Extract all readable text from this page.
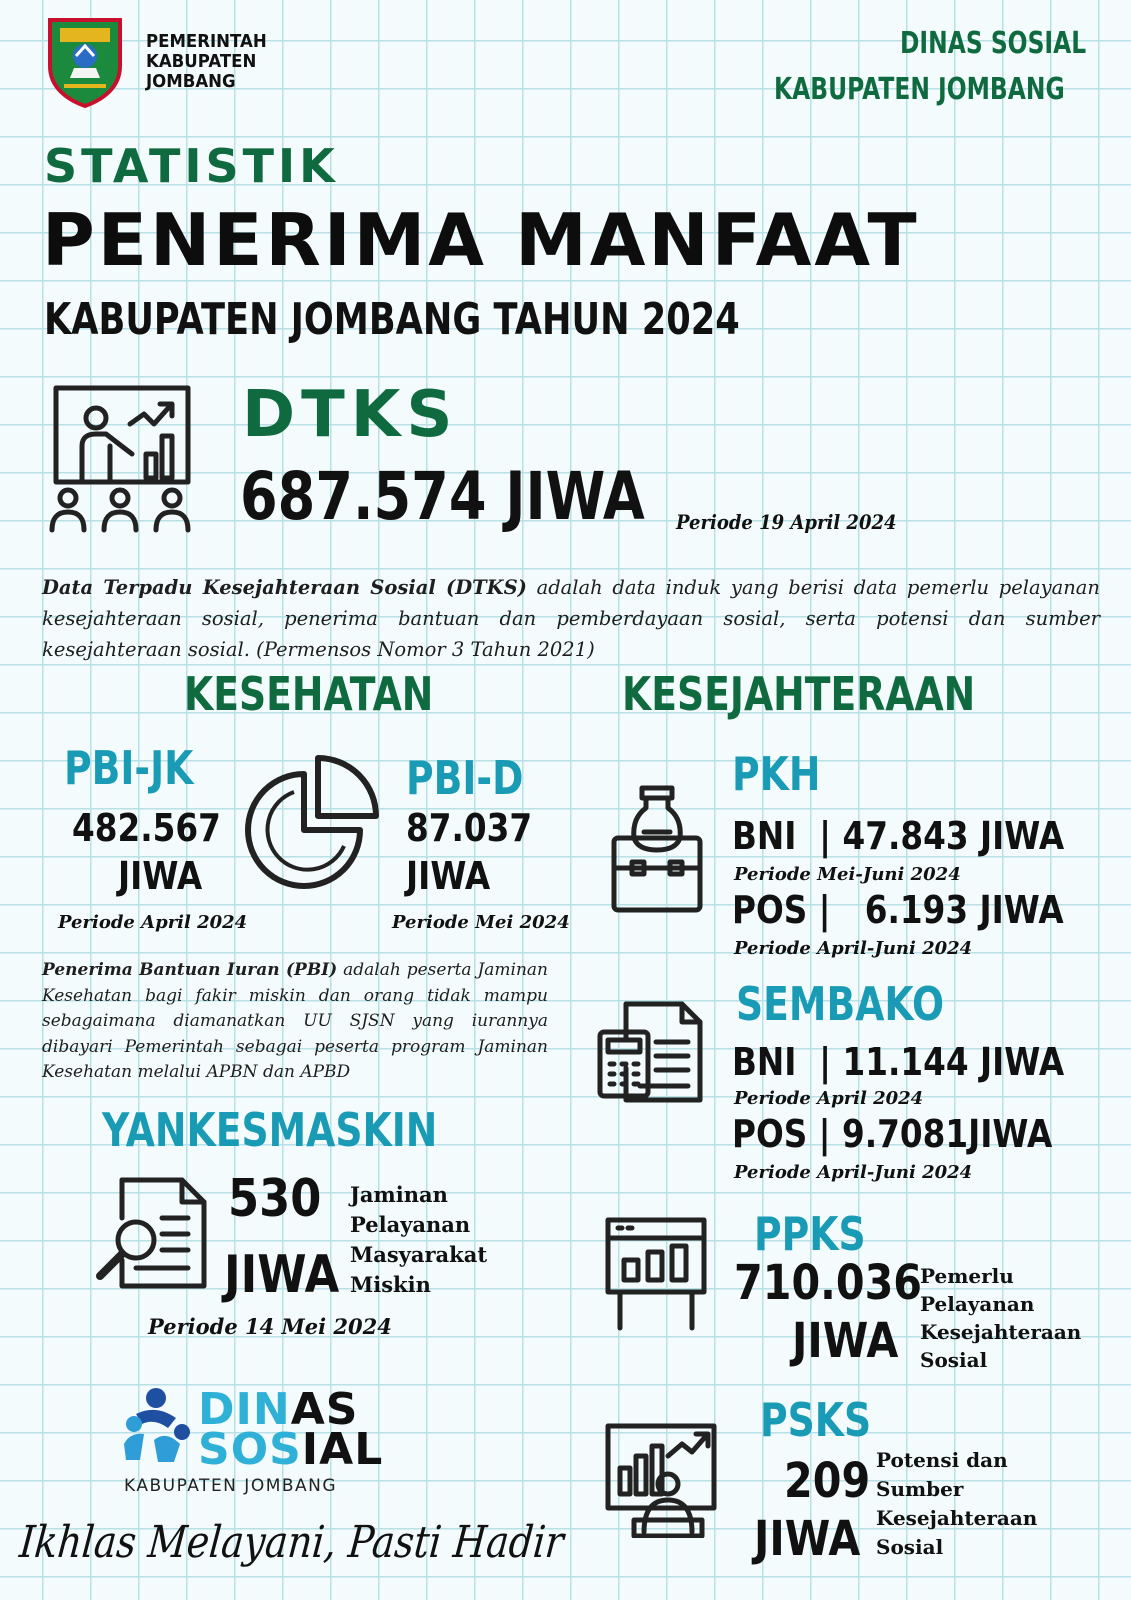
PEMERINTAH
KABUPATEN
JOMBANG
DINAS SOSIAL
KABUPATEN JOMBANG
STATISTIK
PENERIMA MANFAAT
KABUPATEN JOMBANG TAHUN 2024
DTKS
687.574 JIWA Periode 19 April 2024
Data Terpadu Kesejahteraan Sosial (DTKS) adalah data induk yang berisi data pemerlu pelayanan kesejahteraan sosial, penerima bantuan dan pemberdayaan sosial, serta potensi dan sumber kesejahteraan sosial. (Permensos Nomor 3 Tahun 2021)
KESEHATAN
PBI-JK
482.567
JIWA
Periode April 2024
PBI-D
87.037
JIWA
Periode Mei 2024
Penerima Bantuan Iuran (PBI) adalah peserta Jaminan Kesehatan bagi fakir miskin dan orang tidak mampu sebagaimana diamanatkan UU SJSN yang iurannya dibayari Pemerintah sebagai peserta program Jaminan Kesehatan melalui APBN dan APBD
YANKESMASKIN
530
JIWA
Jaminan
Pelayanan
Masyarakat
Miskin
Periode 14 Mei 2024
DINAS
SOSIAL
KABUPATEN JOMBANG
Ikhlas Melayani, Pasti Hadir
KESEJAHTERAAN
PKH
BNI  | 47.843 JIWA
Periode Mei-Juni 2024
POS |   6.193 JIWA
Periode April-Juni 2024
SEMBAKO
BNI  | 11.144 JIWA
Periode April 2024
POS | 9.7081JIWA
Periode April-Juni 2024
PPKS
710.036
JIWA
Pemerlu
Pelayanan
Kesejahteraan
Sosial
PSKS
209
JIWA
Potensi dan
Sumber
Kesejahteraan
Sosial
